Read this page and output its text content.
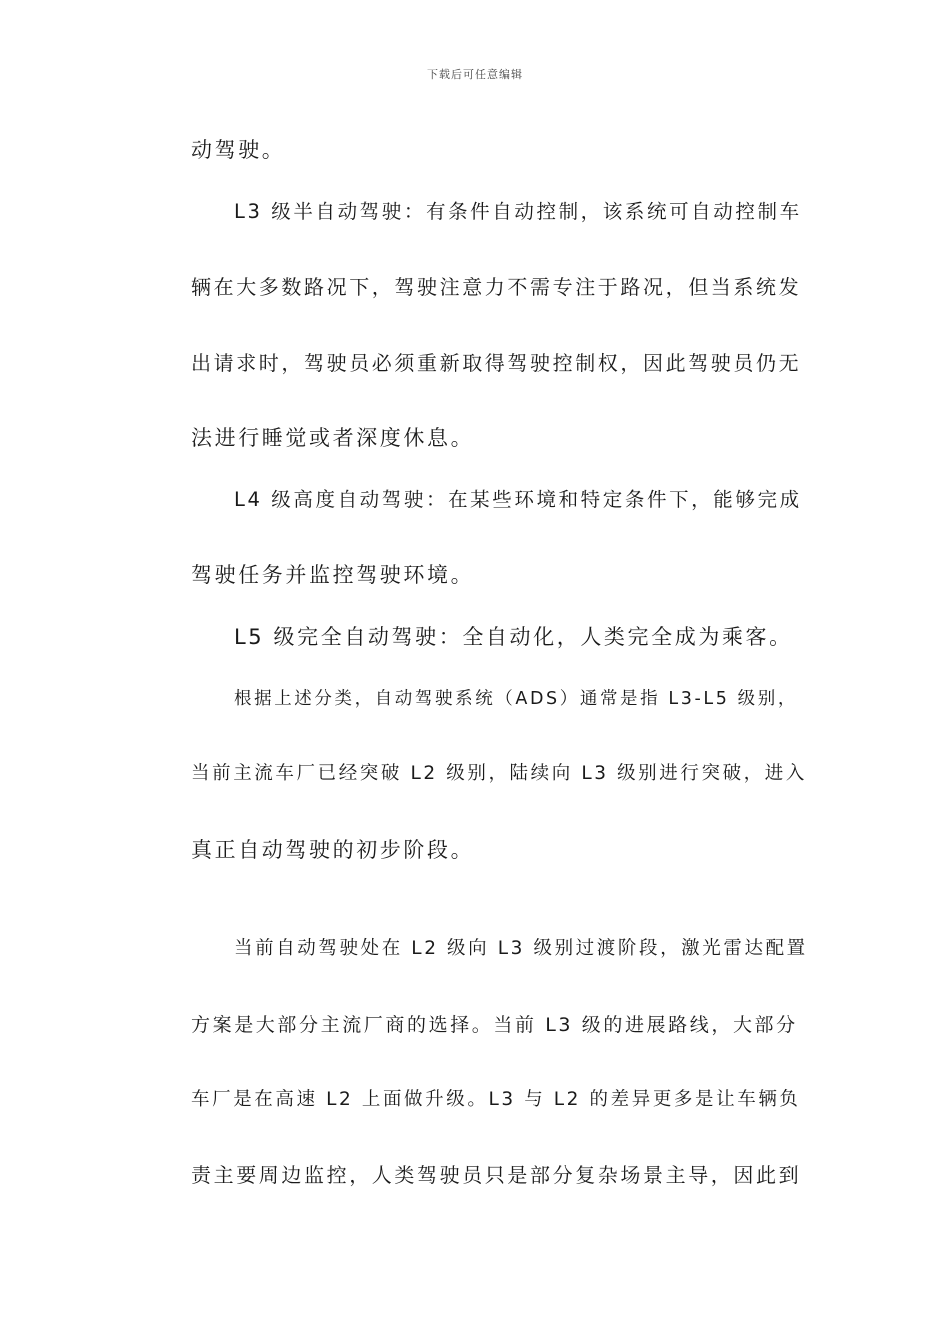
下载后可任意编辑
动驾驶。
L3 级半自动驾驶：有条件自动控制，该系统可自动控制车
辆在大多数路况下，驾驶注意力不需专注于路况，但当系统发
出请求时，驾驶员必须重新取得驾驶控制权，因此驾驶员仍无
法进行睡觉或者深度休息。
L4 级高度自动驾驶：在某些环境和特定条件下，能够完成
驾驶任务并监控驾驶环境。
L5 级完全自动驾驶：全自动化，人类完全成为乘客。
根据上述分类，自动驾驶系统（ADS）通常是指 L3-L5 级别，
当前主流车厂已经突破 L2 级别，陆续向 L3 级别进行突破，进入
真正自动驾驶的初步阶段。
当前自动驾驶处在 L2 级向 L3 级别过渡阶段，激光雷达配置
方案是大部分主流厂商的选择。当前 L3 级的进展路线，大部分
车厂是在高速 L2 上面做升级。L3 与 L2 的差异更多是让车辆负
责主要周边监控，人类驾驶员只是部分复杂场景主导，因此到
